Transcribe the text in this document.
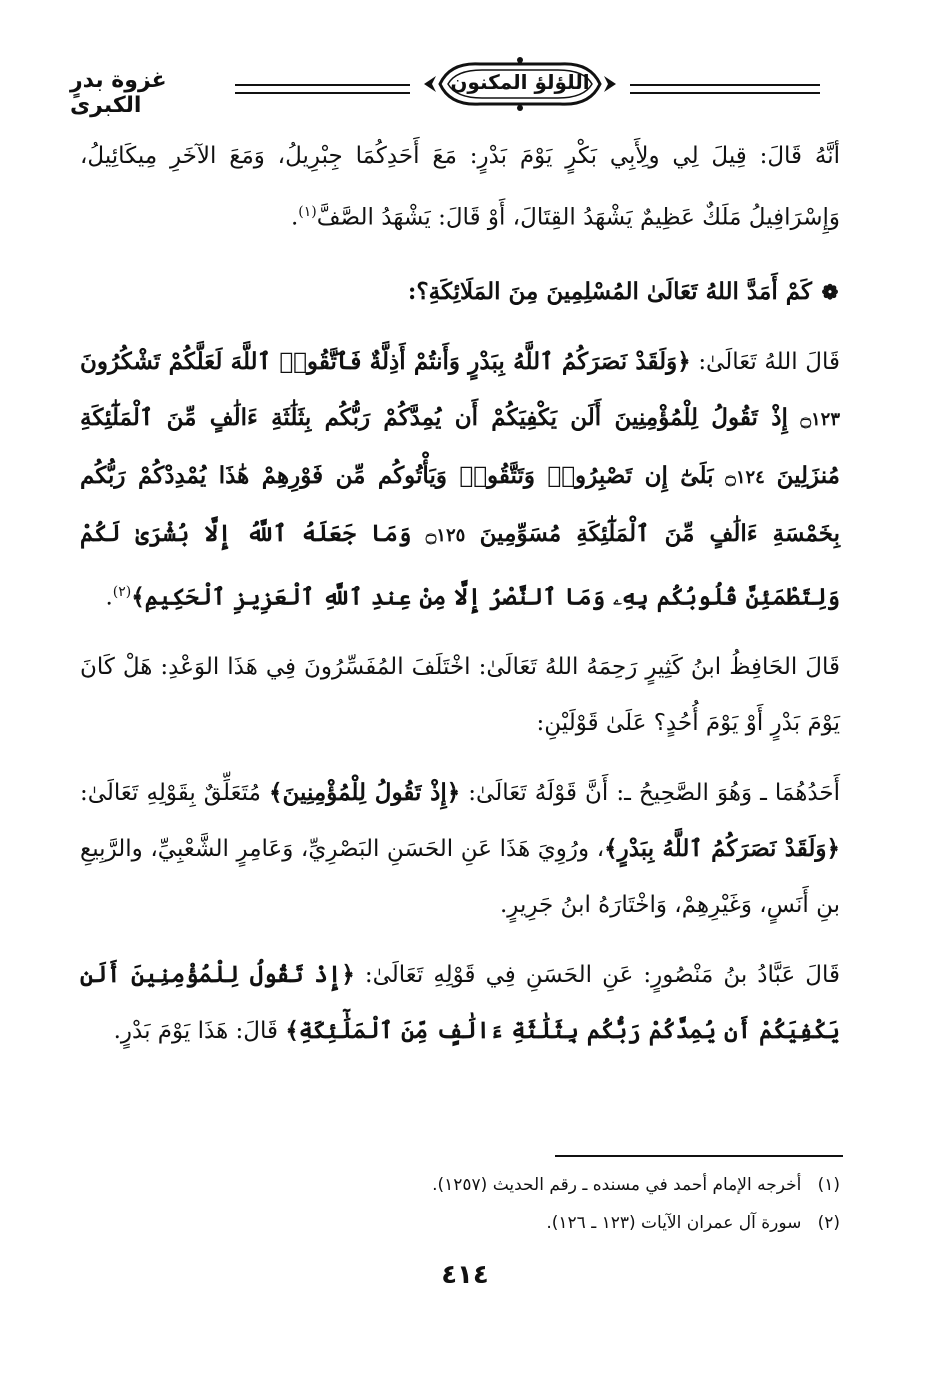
غزوة بدرٍ الكبرى
اللؤلؤ المكنون

أنَّهُ قَالَ: قِيلَ لِي ولِأَبِي بَكْرٍ يَوْمَ بَدْرٍ: مَعَ أَحَدِكُمَا جِبْرِيلُ، وَمَعَ الآخَرِ مِيكَائِيلُ، وَإِسْرَافِيلُ مَلَكٌ عَظِيمٌ يَشْهَدُ القِتَالَ، أَوْ قَالَ: يَشْهَدُ الصَّفَّ$^{(١)}$.

❁ كَمْ أَمَدَّ اللهُ تَعَالَىٰ المُسْلِمِينَ مِنَ المَلَائِكَةِ؟:

قَالَ اللهُ تَعَالَىٰ: ﴿وَلَقَدْ نَصَرَكُمُ ٱللَّهُ بِبَدْرٍ وَأَنتُمْ أَذِلَّةٌ فَٱتَّقُوا۟ ٱللَّهَ لَعَلَّكُمْ تَشْكُرُونَ ۝١٢٣ إِذْ تَقُولُ لِلْمُؤْمِنِينَ أَلَن يَكْفِيَكُمْ أَن يُمِدَّكُمْ رَبُّكُم بِثَلَٰثَةِ ءَالَٰفٍ مِّنَ ٱلْمَلَٰٓئِكَةِ مُنزَلِينَ ۝١٢٤ بَلَىٰٓ إِن تَصْبِرُوا۟ وَتَتَّقُوا۟ وَيَأْتُوكُم مِّن فَوْرِهِمْ هَٰذَا يُمْدِدْكُمْ رَبُّكُم بِخَمْسَةِ ءَالَٰفٍ مِّنَ ٱلْمَلَٰٓئِكَةِ مُسَوِّمِينَ ۝١٢٥ وَمَا جَعَلَهُ ٱللَّهُ إِلَّا بُشْرَىٰ لَكُمْ وَلِتَطْمَئِنَّ قُلُوبُكُم بِهِۦ وَمَا ٱلنَّصْرُ إِلَّا مِنْ عِندِ ٱللَّهِ ٱلْعَزِيزِ ٱلْحَكِيمِ﴾$^{(٢)}$.

قَالَ الحَافِظُ ابنُ كَثِيرٍ رَحِمَهُ اللهُ تَعَالَىٰ: اخْتَلَفَ المُفَسِّرُونَ فِي هَذَا الوَعْدِ: هَلْ كَانَ يَوْمَ بَدْرٍ أَوْ يَوْمَ أُحُدٍ؟ عَلَىٰ قَوْلَيْنِ:

أَحَدُهُمَا ـ وَهُوَ الصَّحِيحُ ـ: أَنَّ قَوْلَهُ تَعَالَىٰ: ﴿إِذْ تَقُولُ لِلْمُؤْمِنِينَ﴾ مُتَعَلِّقٌ بِقَوْلِهِ تَعَالَىٰ: ﴿وَلَقَدْ نَصَرَكُمُ ٱللَّهُ بِبَدْرٍ﴾، ورُوِيَ هَذَا عَنِ الحَسَنِ البَصْرِيِّ، وَعَامِرٍ الشَّعْبِيِّ، والرَّبِيعِ بنِ أَنَسٍ، وَغَيْرِهِمْ، وَاخْتَارَهُ ابنُ جَرِيرٍ.

قَالَ عَبَّادُ بنُ مَنْصُورٍ: عَنِ الحَسَنِ فِي قَوْلِهِ تَعَالَىٰ: ﴿إِذْ تَقُولُ لِلْمُؤْمِنِينَ أَلَن يَكْفِيَكُمْ أَن يُمِدَّكُمْ رَبُّكُم بِثَلَٰثَةِ ءَالَٰفٍ مِّنَ ٱلْمَلَٰٓئِكَةِ﴾ قَالَ: هَذَا يَوْمَ بَدْرٍ.

(١)   أخرجه الإمام أحمد في مسنده ـ رقم الحديث (١٢٥٧).
(٢)   سورة آل عمران الآيات (١٢٣ ـ ١٢٦).
٤١٤
